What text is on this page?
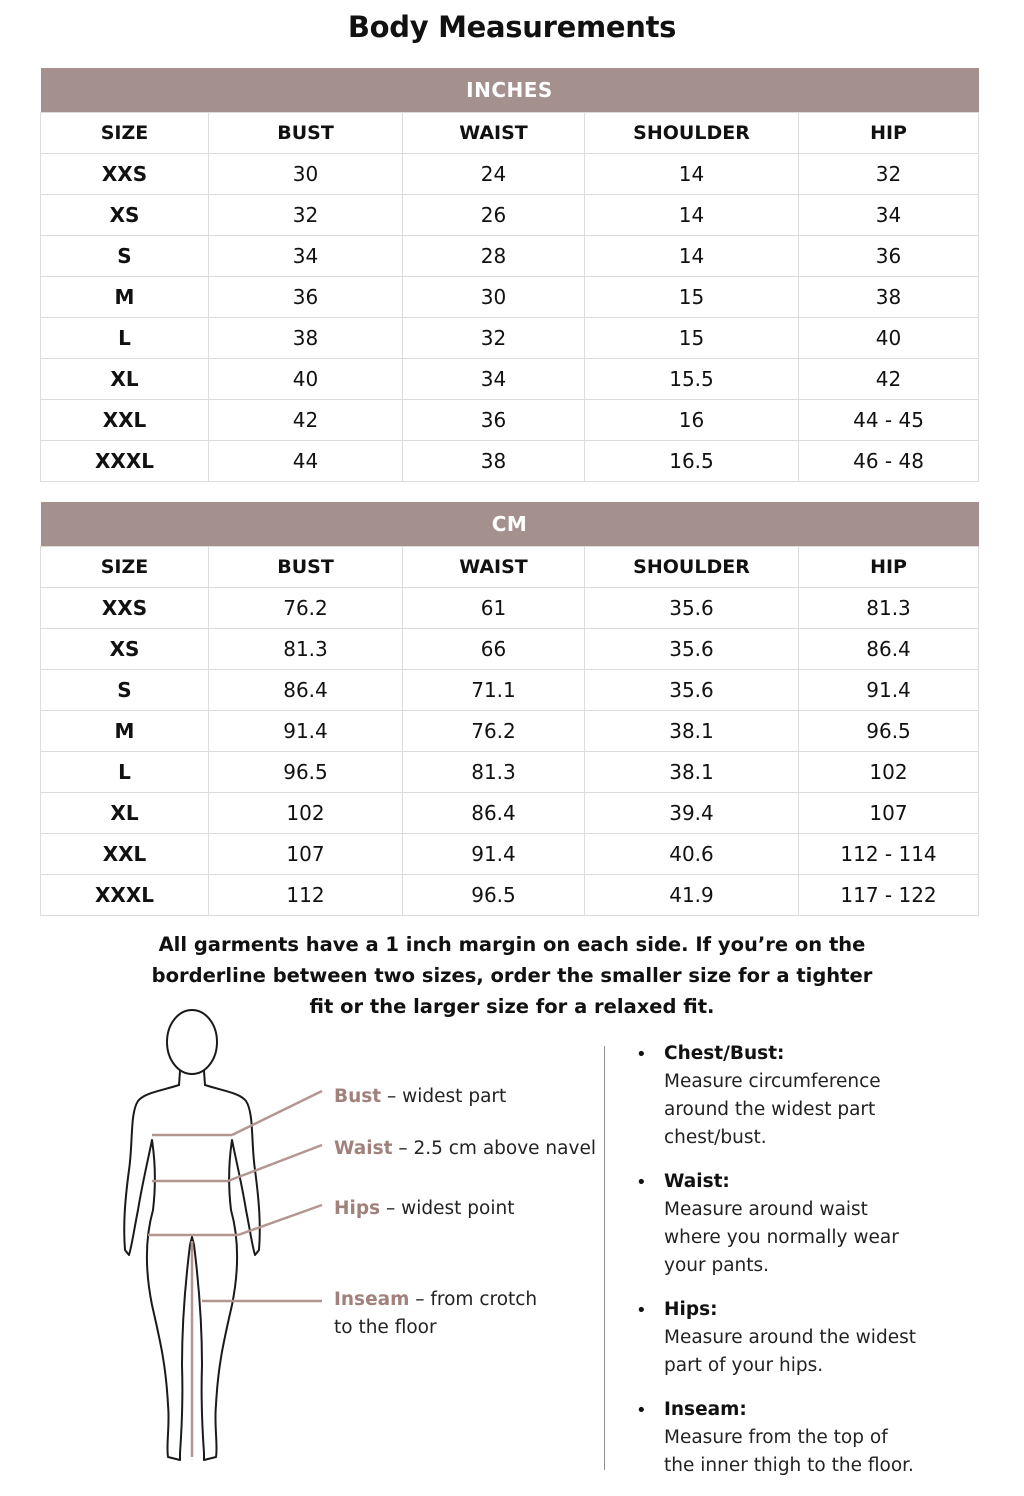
Body Measurements
INCHES				
SIZE	BUST	WAIST	SHOULDER	HIP
XXS	30	24	14	32
XS	32	26	14	34
S	34	28	14	36
M	36	30	15	38
L	38	32	15	40
XL	40	34	15.5	42
XXL	42	36	16	44 - 45
XXXL	44	38	16.5	46 - 48
CM				
SIZE	BUST	WAIST	SHOULDER	HIP
XXS	76.2	61	35.6	81.3
XS	81.3	66	35.6	86.4
S	86.4	71.1	35.6	91.4
M	91.4	76.2	38.1	96.5
L	96.5	81.3	38.1	102
XL	102	86.4	39.4	107
XXL	107	91.4	40.6	112 - 114
XXXL	112	96.5	41.9	117 - 122
All garments have a 1 inch margin on each side. If you’re on the
borderline between two sizes, order the smaller size for a tighter
fit or the larger size for a relaxed fit.
Bust – widest part
Waist – 2.5 cm above navel
Hips – widest point
Inseam – from crotch
to the floor
• Chest/Bust:
Measure circumference
around the widest part
chest/bust.
• Waist:
Measure around waist
where you normally wear
your pants.
• Hips:
Measure around the widest
part of your hips.
• Inseam:
Measure from the top of
the inner thigh to the floor.
